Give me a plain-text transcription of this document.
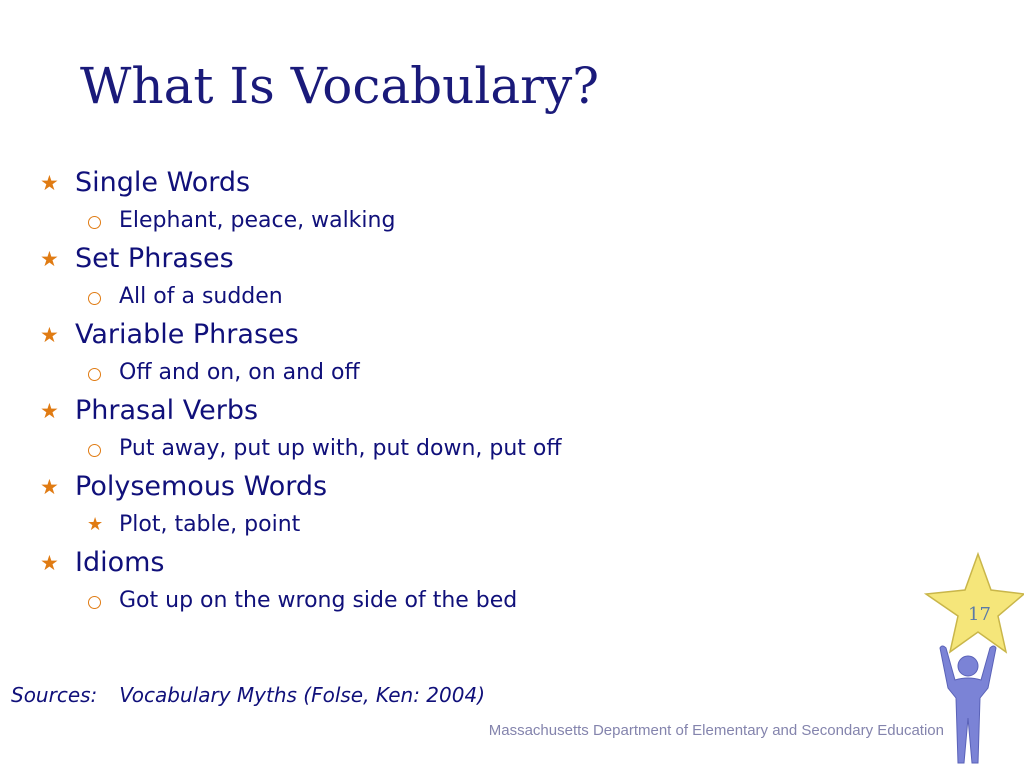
What Is Vocabulary?
★ Single Words
Elephant, peace, walking
★ Set Phrases
All of a sudden
★ Variable Phrases
Off and on, on and off
★ Phrasal Verbs
Put away, put up with, put down, put off
★ Polysemous Words
★ Plot, table, point
★ Idioms
Got up on the wrong side of the bed
Sources: Vocabulary Myths (Folse, Ken: 2004)
Massachusetts Department of Elementary and Secondary Education
17
